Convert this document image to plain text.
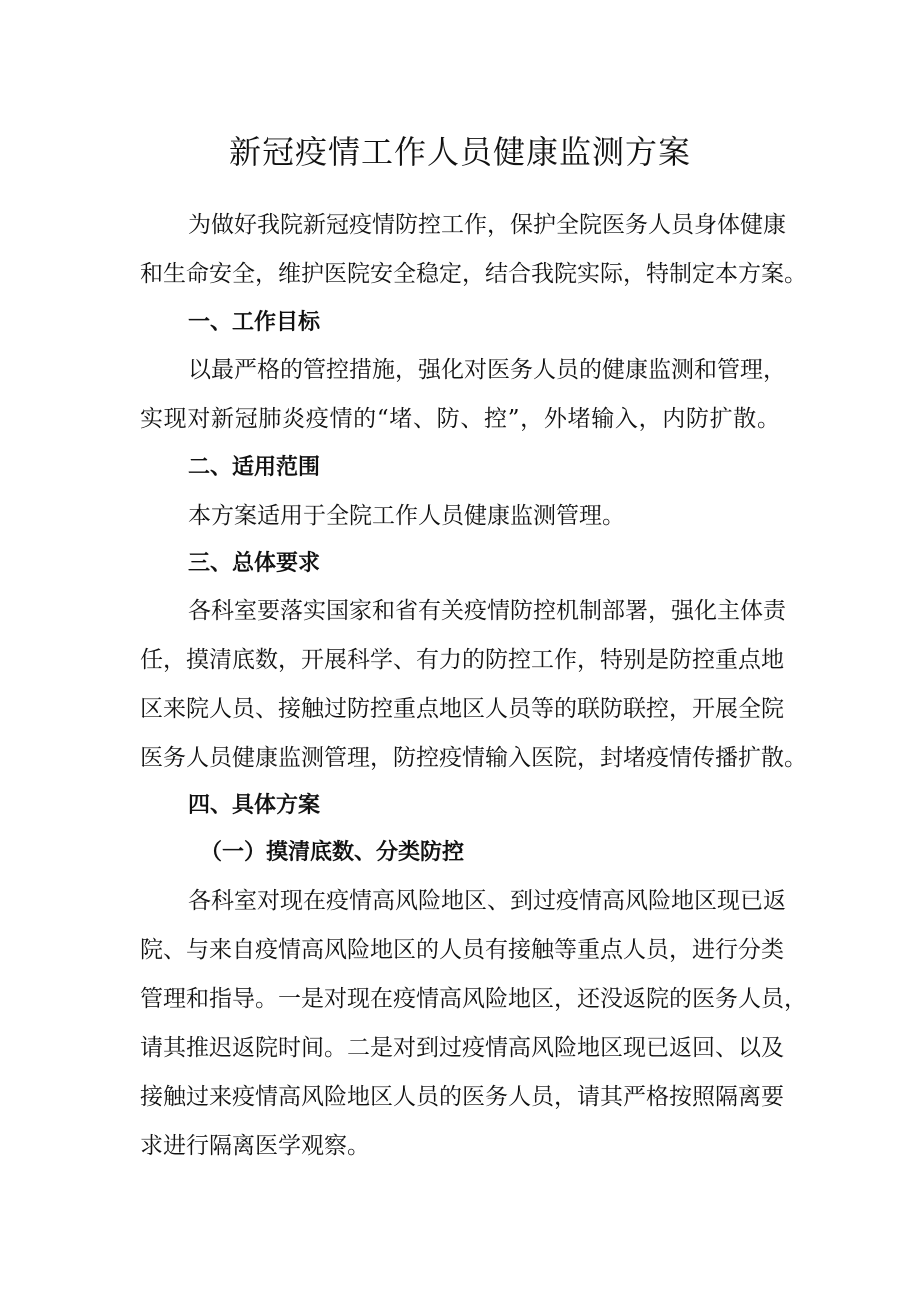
新冠疫情工作人员健康监测方案
为做好我院新冠疫情防控工作，保护全院医务人员身体健康
和生命安全，维护医院安全稳定，结合我院实际，特制定本方案。
一、工作目标
以最严格的管控措施，强化对医务人员的健康监测和管理，
实现对新冠肺炎疫情的“堵、防、控”，外堵输入，内防扩散。
二、适用范围
本方案适用于全院工作人员健康监测管理。
三、总体要求
各科室要落实国家和省有关疫情防控机制部署，强化主体责
任，摸清底数，开展科学、有力的防控工作，特别是防控重点地
区来院人员、接触过防控重点地区人员等的联防联控，开展全院
医务人员健康监测管理，防控疫情输入医院，封堵疫情传播扩散。
四、具体方案
（一）摸清底数、分类防控
各科室对现在疫情高风险地区、到过疫情高风险地区现已返
院、与来自疫情高风险地区的人员有接触等重点人员，进行分类
管理和指导。一是对现在疫情高风险地区，还没返院的医务人员，
请其推迟返院时间。二是对到过疫情高风险地区现已返回、以及
接触过来疫情高风险地区人员的医务人员，请其严格按照隔离要
求进行隔离医学观察。
